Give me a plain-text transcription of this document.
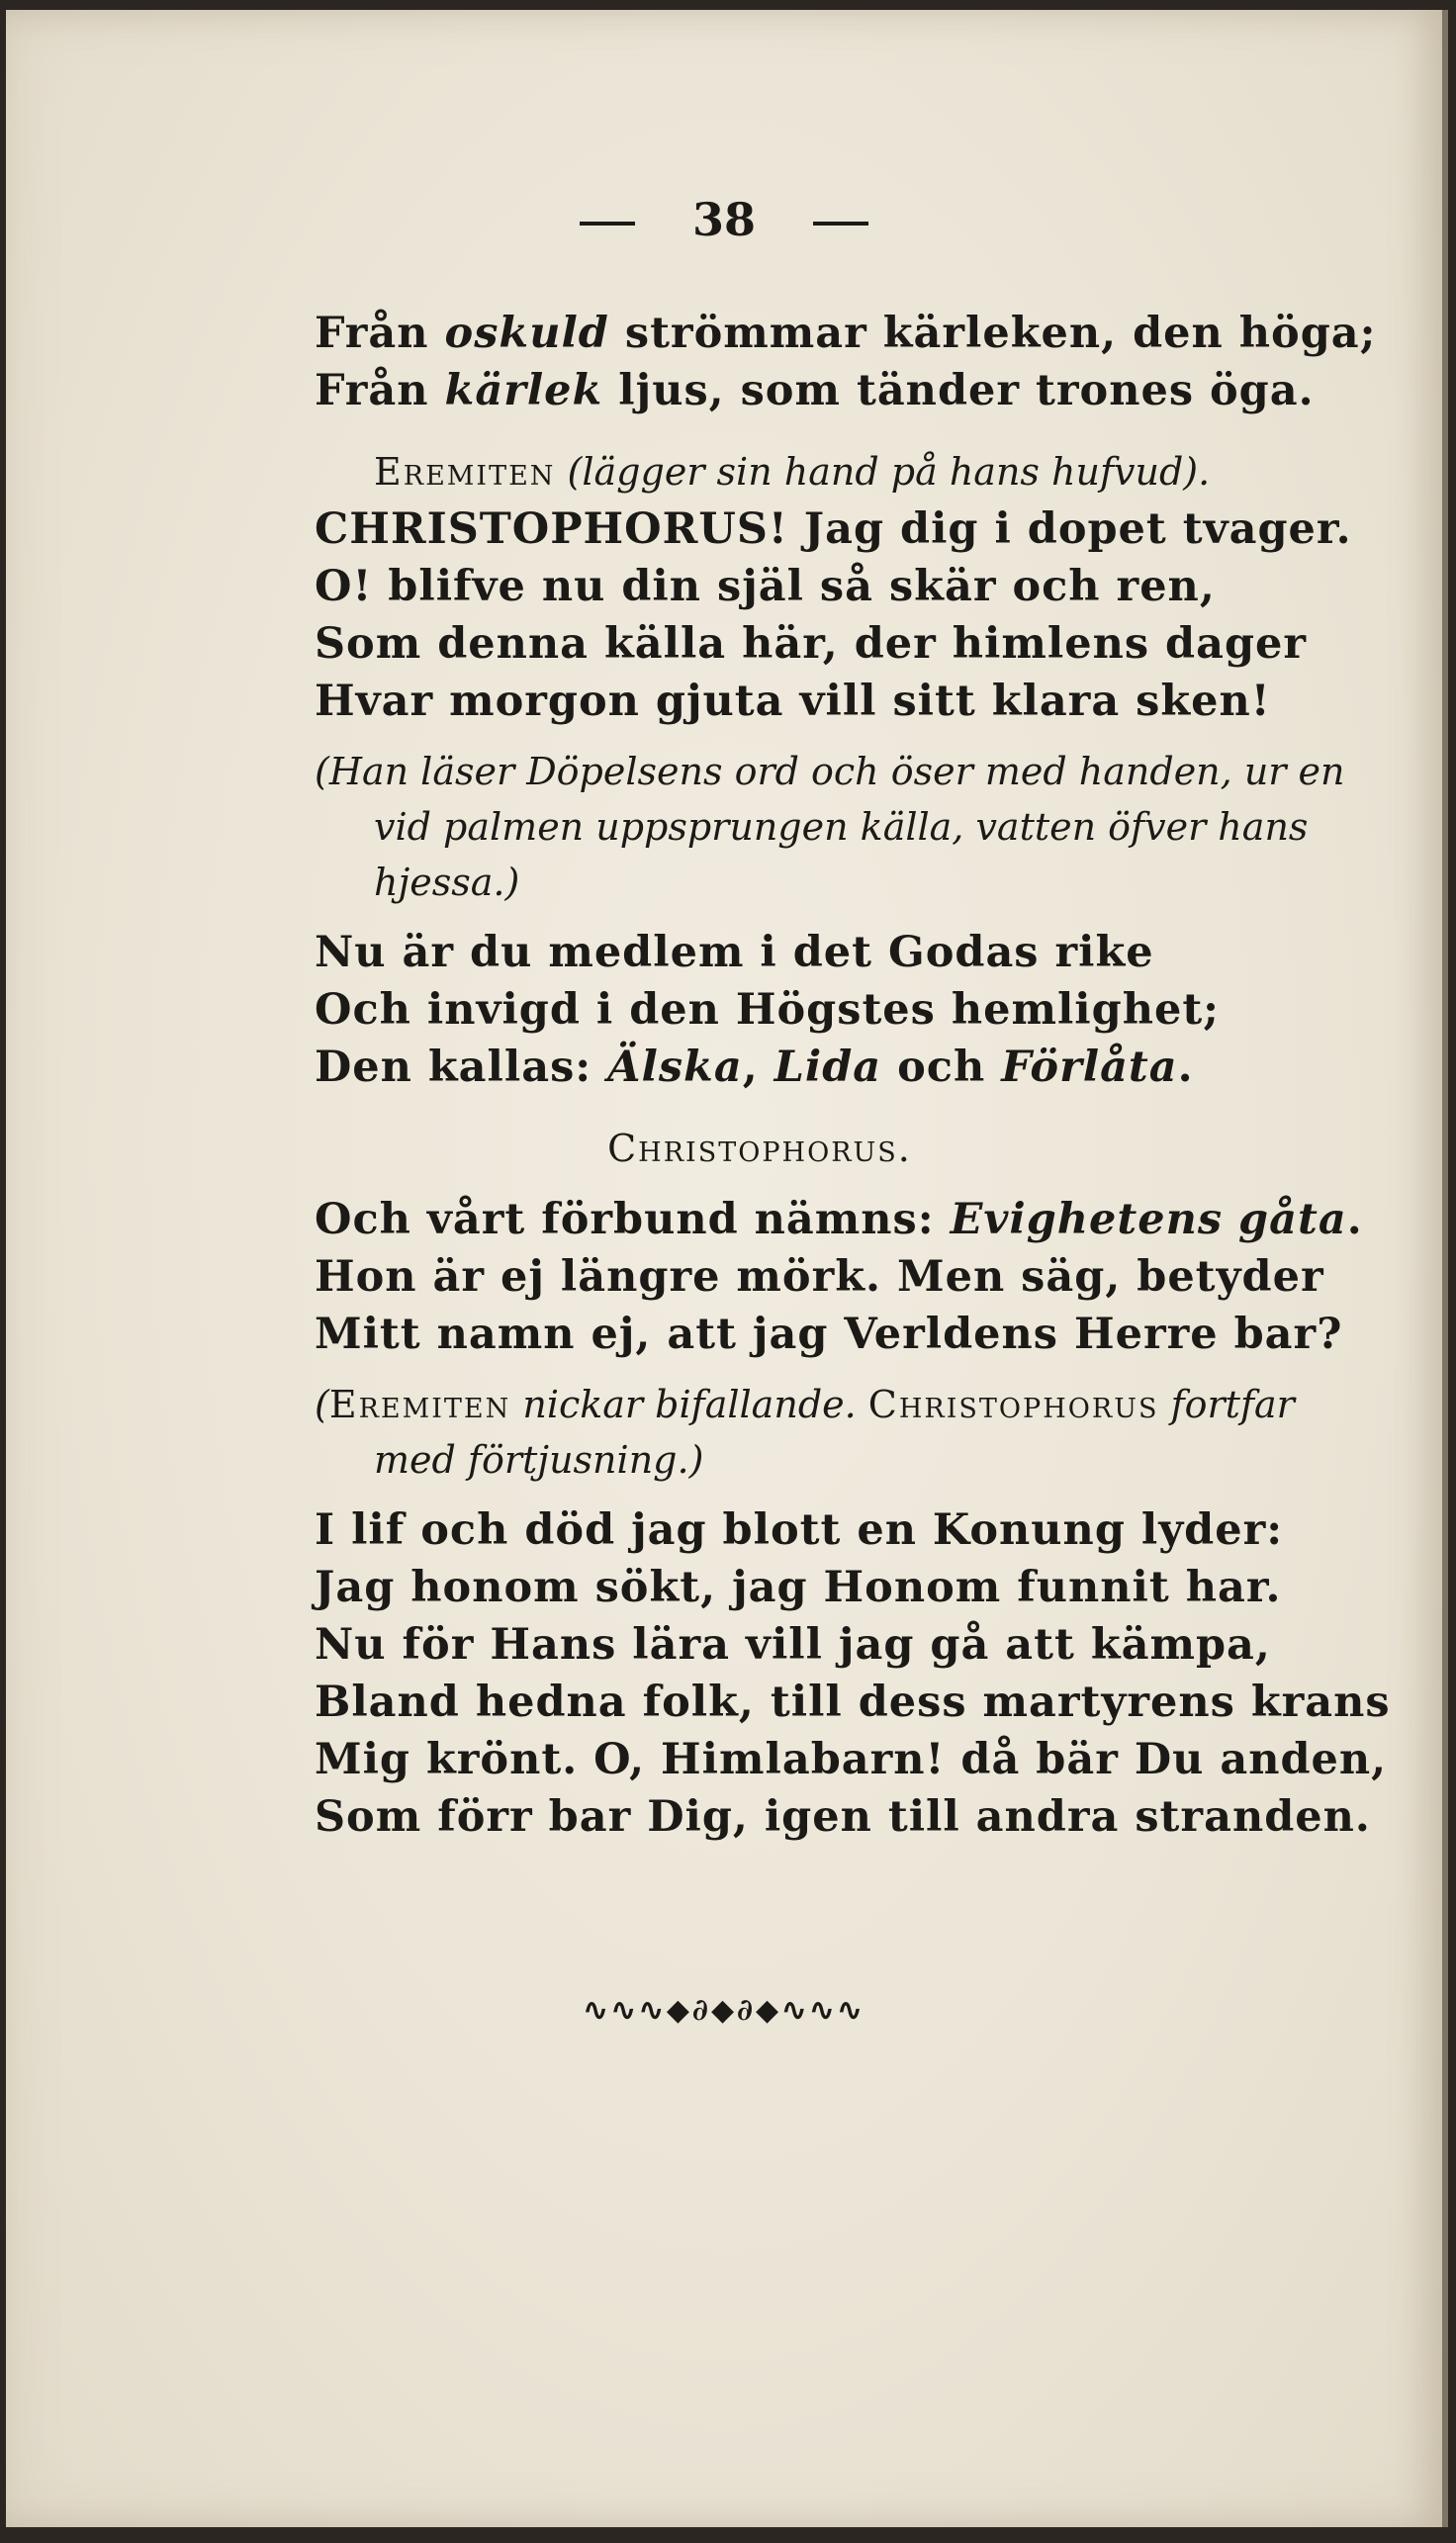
38
Från oskuld strömmar kärleken, den höga;
Från kärlek ljus, som tänder trones öga.
Eremiten (lägger sin hand på hans hufvud).
CHRISTOPHORUS! Jag dig i dopet tvager.
O! blifve nu din själ så skär och ren,
Som denna källa här, der himlens dager
Hvar morgon gjuta vill sitt klara sken!
(Han läser Döpelsens ord och öser med handen, ur en
vid palmen uppsprungen källa, vatten öfver hans
hjessa.)
Nu är du medlem i det Godas rike
Och invigd i den Högstes hemlighet;
Den kallas: Älska, Lida och Förlåta.
Christophorus.
Och vårt förbund nämns: Evighetens gåta.
Hon är ej längre mörk. Men säg, betyder
Mitt namn ej, att jag Verldens Herre bar?
(Eremiten nickar bifallande. Christophorus fortfar
med förtjusning.)
I lif och död jag blott en Konung lyder:
Jag honom sökt, jag Honom funnit har.
Nu för Hans lära vill jag gå att kämpa,
Bland hedna folk, till dess martyrens krans
Mig krönt. O, Himlabarn! då bär Du anden,
Som förr bar Dig, igen till andra stranden.
∿∿∿◆∂◆∂◆∿∿∿
